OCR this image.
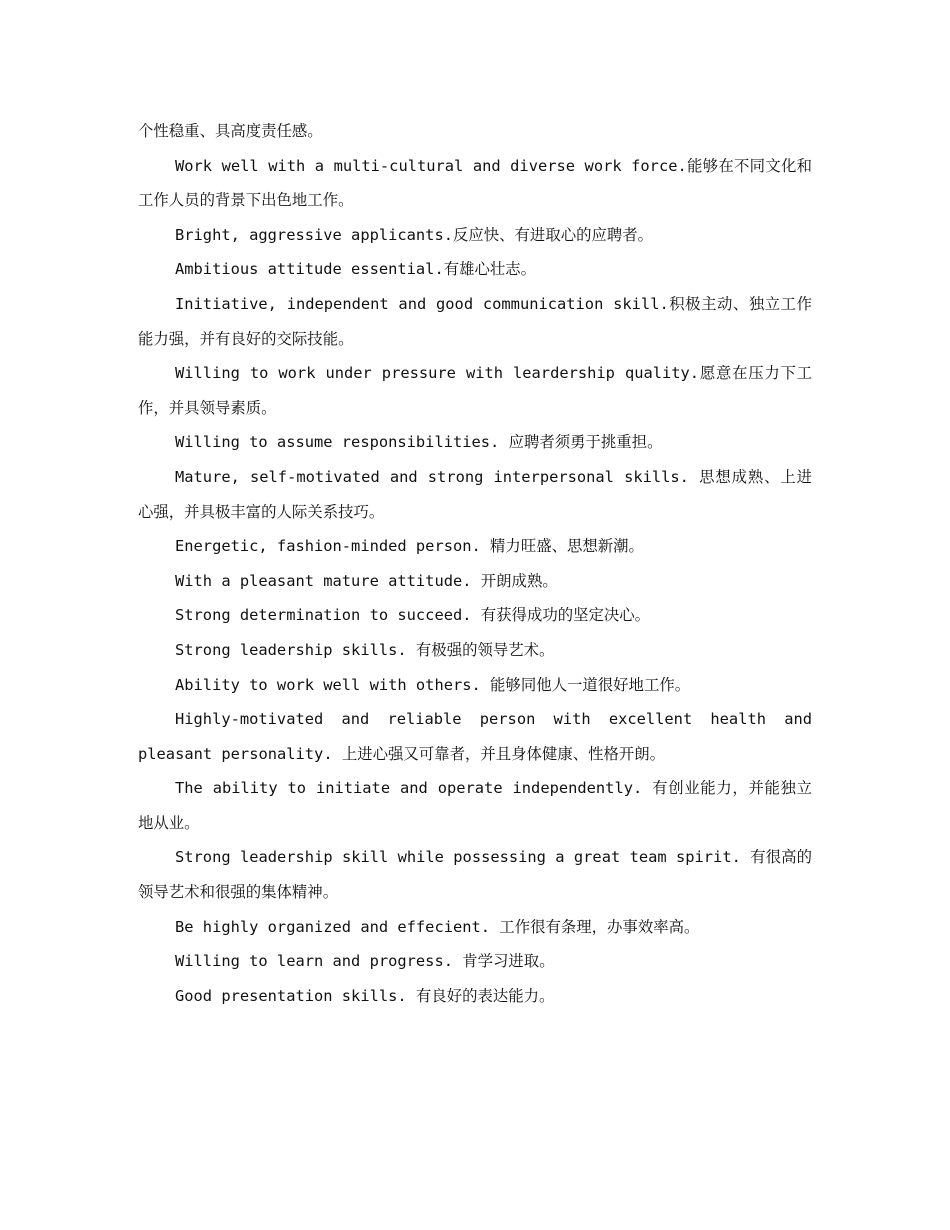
个性稳重、具高度责任感。

Work well with a multi-cultural and diverse work force.能够在不同文化和工作人员的背景下出色地工作。

Bright, aggressive applicants.反应快、有进取心的应聘者。

Ambitious attitude essential.有雄心壮志。

Initiative, independent and good communication skill.积极主动、独立工作能力强，并有良好的交际技能。

Willing to work under pressure with leardership quality.愿意在压力下工作，并具领导素质。

Willing to assume responsibilities. 应聘者须勇于挑重担。

Mature, self-motivated and strong interpersonal skills. 思想成熟、上进心强，并具极丰富的人际关系技巧。

Energetic, fashion-minded person. 精力旺盛、思想新潮。

With a pleasant mature attitude. 开朗成熟。

Strong determination to succeed. 有获得成功的坚定决心。

Strong leadership skills. 有极强的领导艺术。

Ability to work well with others. 能够同他人一道很好地工作。

Highly-motivated and reliable person with excellent health and pleasant personality. 上进心强又可靠者，并且身体健康、性格开朗。

The ability to initiate and operate independently. 有创业能力，并能独立地从业。

Strong leadership skill while possessing a great team spirit. 有很高的领导艺术和很强的集体精神。

Be highly organized and effecient. 工作很有条理，办事效率高。

Willing to learn and progress. 肯学习进取。

Good presentation skills. 有良好的表达能力。
